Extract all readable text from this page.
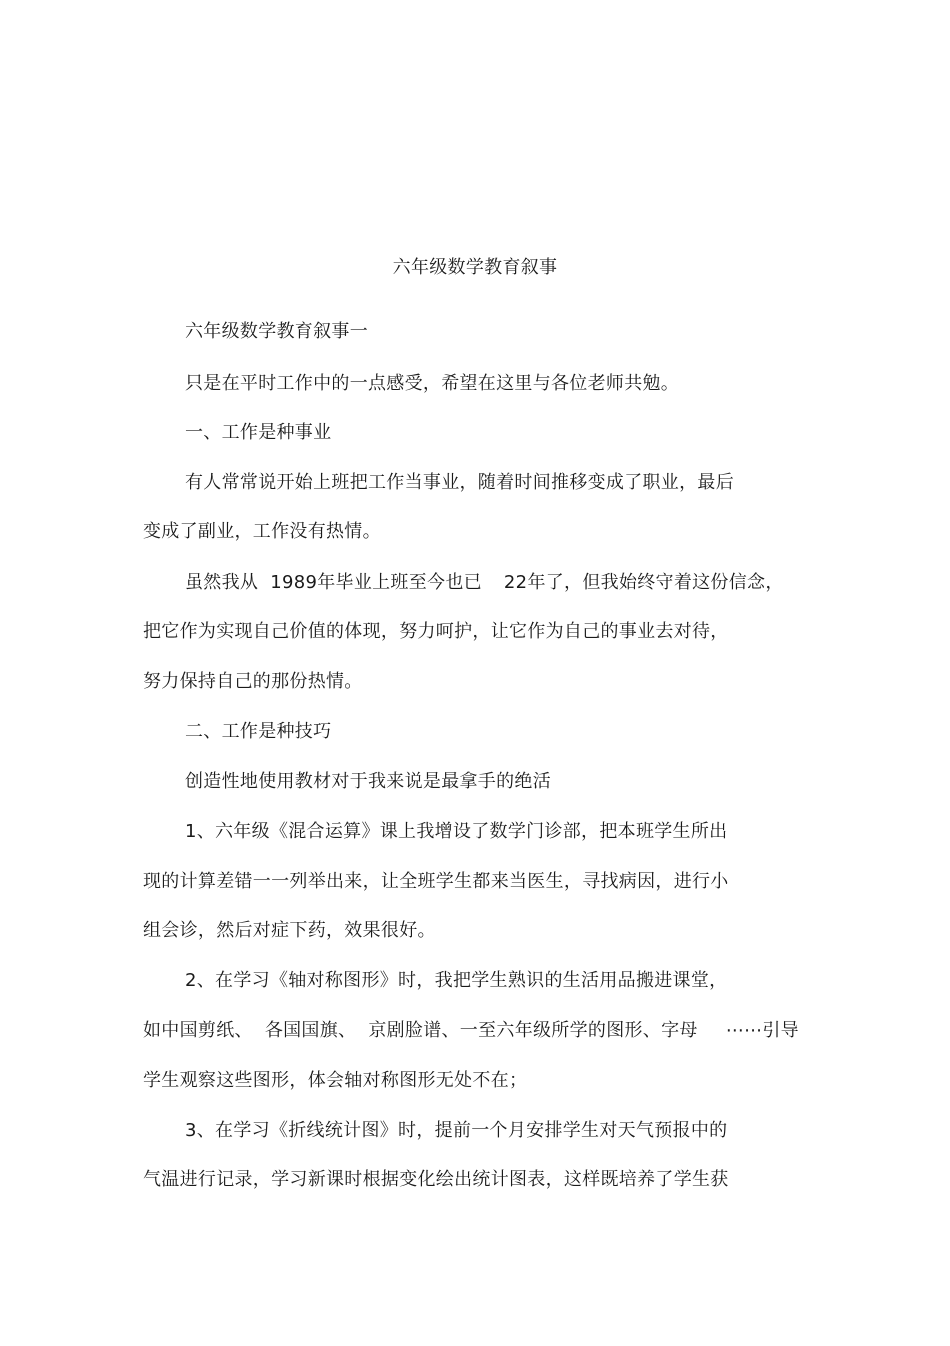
六年级数学教育叙事
六年级数学教育叙事一
只是在平时工作中的一点感受，希望在这里与各位老师共勉。
一、工作是种事业
有人常常说开始上班把工作当事业，随着时间推移变成了职业，最后
变成了副业，工作没有热情。
虽然我从 1989年毕业上班至今也已 22年了，但我始终守着这份信念，
把它作为实现自己价值的体现，努力呵护，让它作为自己的事业去对待，
努力保持自己的那份热情。
二、工作是种技巧
创造性地使用教材对于我来说是最拿手的绝活
1、六年级《混合运算》课上我增设了数学门诊部，把本班学生所出
现的计算差错一一列举出来，让全班学生都来当医生，寻找病因，进行小
组会诊，然后对症下药，效果很好。
2、在学习《轴对称图形》时，我把学生熟识的生活用品搬进课堂，
如中国剪纸、 各国国旗、 京剧脸谱、一至六年级所学的图形、字母 ⋯⋯引导
学生观察这些图形，体会轴对称图形无处不在；
3、在学习《折线统计图》时，提前一个月安排学生对天气预报中的
气温进行记录，学习新课时根据变化绘出统计图表，这样既培养了学生获
